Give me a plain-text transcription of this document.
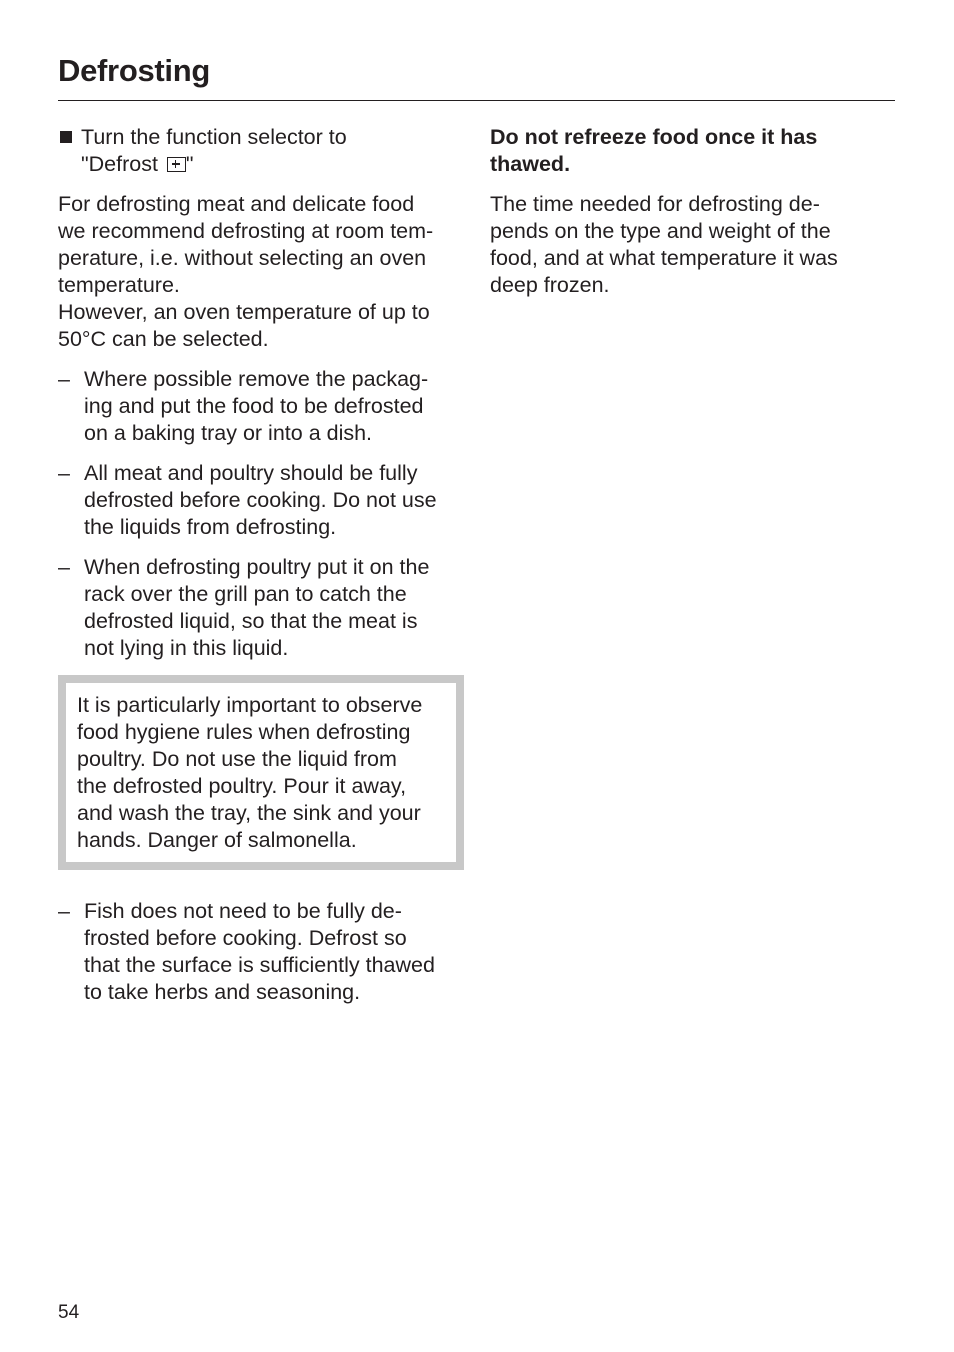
Defrosting
Turn the function selector to
"Defrost "

For defrosting meat and delicate food
we recommend defrosting at room tem-
perature, i.e. without selecting an oven
temperature.
However, an oven temperature of up to
50°C can be selected.

– Where possible remove the packag-
ing and put the food to be defrosted
on a baking tray or into a dish.
– All meat and poultry should be fully
defrosted before cooking. Do not use
the liquids from defrosting.
– When defrosting poultry put it on the
rack over the grill pan to catch the
defrosted liquid, so that the meat is
not lying in this liquid.
It is particularly important to observe
food hygiene rules when defrosting
poultry. Do not use the liquid from
the defrosted poultry. Pour it away,
and wash the tray, the sink and your
hands. Danger of salmonella.
– Fish does not need to be fully de-
frosted before cooking. Defrost so
that the surface is sufficiently thawed
to take herbs and seasoning.

Do not refreeze food once it has
thawed.

The time needed for defrosting de-
pends on the type and weight of the
food, and at what temperature it was
deep frozen.

54
